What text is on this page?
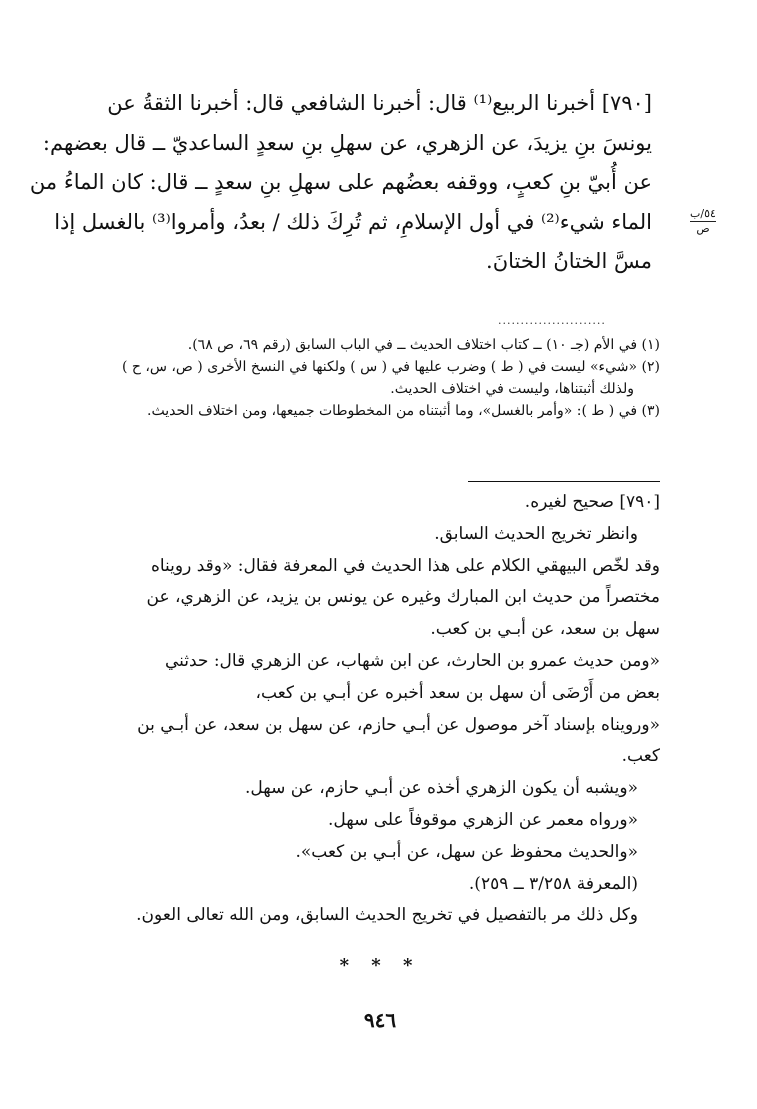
[٧٩٠] أخبرنا الربيع⁽¹⁾ قال: أخبرنا الشافعي قال: أخبرنا الثقةُ عن
يونسَ بنِ يزيدَ، عن الزهري، عن سهلِ بنِ سعدٍ الساعديّ ــ قال بعضهم:
عن أُبيّ بنِ كعبٍ، ووقفه بعضُهم على سهلِ بنِ سعدٍ ــ قال: كان الماءُ من
الماء شيء⁽²⁾ في أول الإسلامِ، ثم تُرِكَ ذلك / بعدُ، وأمروا⁽³⁾ بالغسل إذا
مسَّ الختانُ الختانَ.
٥٤/ب
ص
........................
(١) في الأم (جـ ١٠) ــ كتاب اختلاف الحديث ــ في الباب السابق (رقم ٦٩، ص ٦٨).
(٢) «شيء» ليست في ( ط ) وضرب عليها في ( س ) ولكنها في النسخ الأخرى ( ص، س، ح )
ولذلك أثبتناها، وليست في اختلاف الحديث.
(٣) في ( ط ): «وأمر بالغسل»، وما أثبتناه من المخطوطات جميعها، ومن اختلاف الحديث.
[٧٩٠] صحيح لغيره.
وانظر تخريج الحديث السابق.
وقد لخّص البيهقي الكلام على هذا الحديث في المعرفة فقال: «وقد رويناه
مختصراً من حديث ابن المبارك وغيره عن يونس بن يزيد، عن الزهري، عن
سهل بن سعد، عن أبـي بن كعب.
«ومن حديث عمرو بن الحارث، عن ابن شهاب، عن الزهري قال: حدثني
بعض من أَرْضَى أن سهل بن سعد أخبره عن أبـي بن كعب،
«ورويناه بإسناد آخر موصول عن أبـي حازم، عن سهل بن سعد، عن أبـي بن
كعب.
«ويشبه أن يكون الزهري أخذه عن أبـي حازم، عن سهل.
«ورواه معمر عن الزهري موقوفاً على سهل.
«والحديث محفوظ عن سهل، عن أبـي بن كعب».
(المعرفة ٣/٢٥٨ ــ ٢٥٩).
وكل ذلك مر بالتفصيل في تخريج الحديث السابق، ومن الله تعالى العون.
* * *
٩٤٦
